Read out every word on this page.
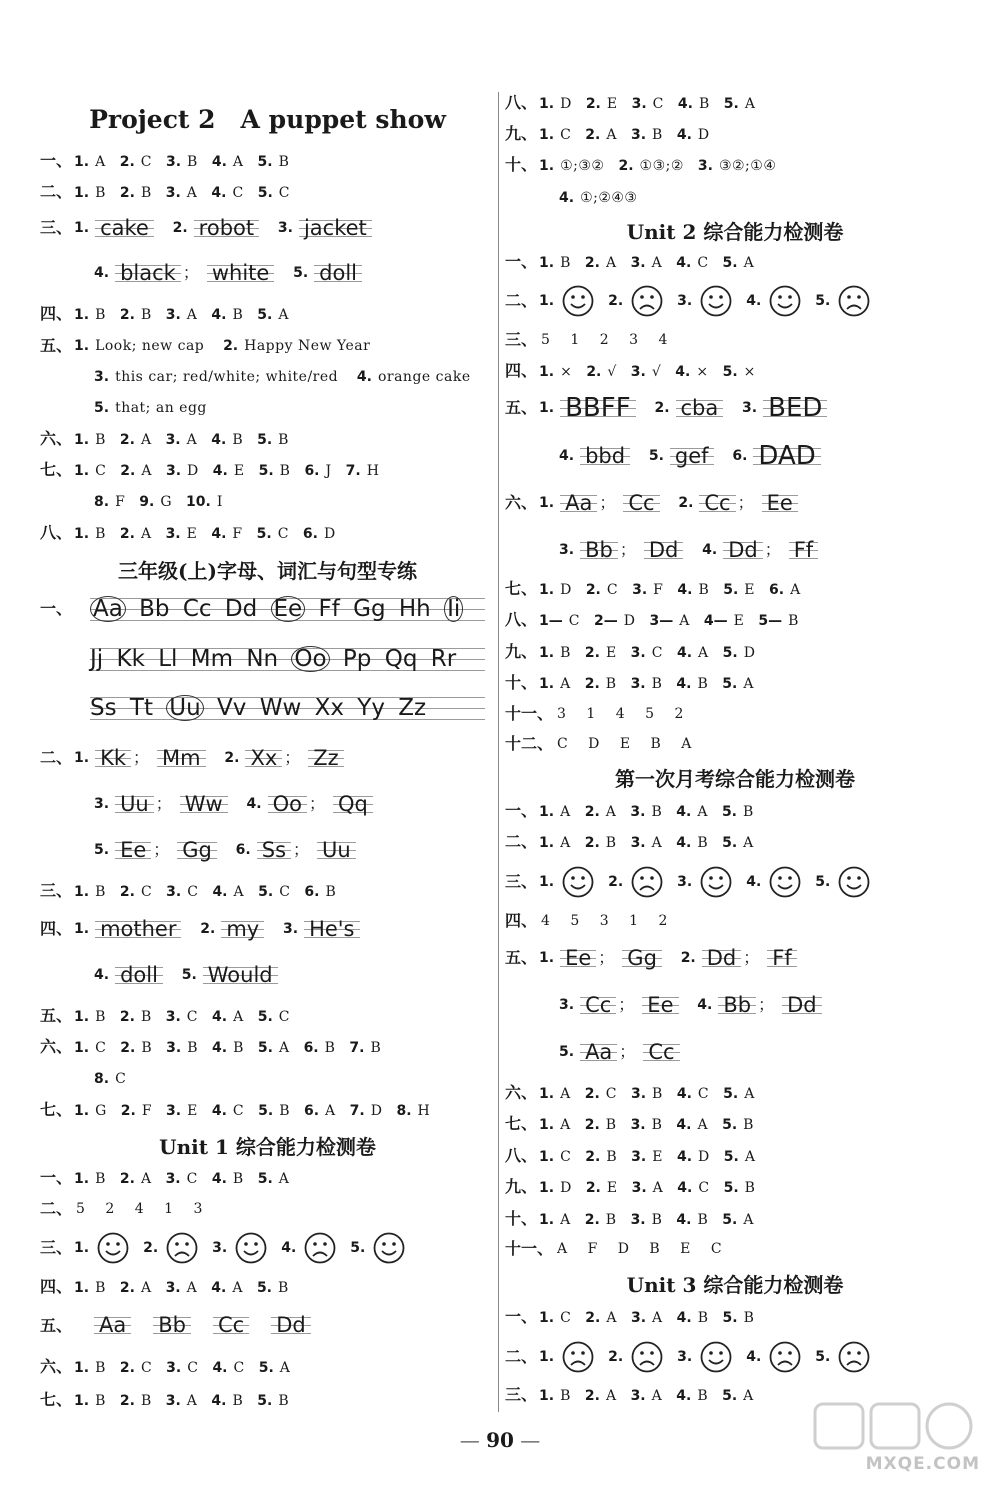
Project 2　A puppet show
一、 1. A 2. C 3. B 4. A 5. B
二、 1. B 2. B 3. A 4. C 5. C
三、 1. cake 2. robot 3. jacket
4. black ； white 5. doll
四、 1. B 2. B 3. A 4. B 5. A
五、 1. Look; new cap 2. Happy New Year
3. this car; red/white; white/red 4. orange cake
5. that; an egg
六、 1. B 2. A 3. A 4. B 5. B
七、 1. C 2. A 3. D 4. E 5. B 6. J 7. H
8. F 9. G 10. I
八、 1. B 2. A 3. E 4. F 5. C 6. D
三年级(上)字母、词汇与句型专练
一、 Aa Bb Cc Dd Ee Ff Gg Hh Ii
Jj Kk Ll Mm Nn Oo Pp Qq Rr
Ss Tt Uu Vv Ww Xx Yy Zz
二、 1. Kk ； Mm 2. Xx ； Zz
3. Uu ； Ww 4. Oo ； Qq
5. Ee ； Gg 6. Ss ； Uu
三、 1. B 2. C 3. C 4. A 5. C 6. B
四、 1. mother 2. my 3. He's
4. doll 5. Would
五、 1. B 2. B 3. C 4. A 5. C
六、 1. C 2. B 3. B 4. B 5. A 6. B 7. B
8. C
七、 1. G 2. F 3. E 4. C 5. B 6. A 7. D 8. H
Unit 1 综合能力检测卷
一、 1. B 2. A 3. C 4. B 5. A
二、 5 2 4 1 3
三、 1.	2.	3.	4.	5.
四、 1. B 2. A 3. A 4. A 5. B
五、 Aa Bb Cc Dd
六、 1. B 2. C 3. C 4. C 5. A
七、 1. B 2. B 3. A 4. B 5. B
八、 1. D 2. E 3. C 4. B 5. A
九、 1. C 2. A 3. B 4. D
十、 1. ①;③② 2. ①③;② 3. ③②;①④
4. ①;②④③
Unit 2 综合能力检测卷
一、 1. B 2. A 3. A 4. C 5. A
二、 1.	2.	3.	4.	5.
三、 5 1 2 3 4
四、 1. × 2. √ 3. √ 4. × 5. ×
五、 1. BBFF 2. cba 3. BED
4. bbd 5. gef 6. DAD
六、 1. Aa ； Cc 2. Cc ； Ee
3. Bb ； Dd 4. Dd ； Ff
七、 1. D 2. C 3. F 4. B 5. E 6. A
八、 1— C 2— D 3— A 4— E 5— B
九、 1. B 2. E 3. C 4. A 5. D
十、 1. A 2. B 3. B 4. B 5. A
十一、 3 1 4 5 2
十二、 C D E B A
第一次月考综合能力检测卷
一、 1. A 2. A 3. B 4. A 5. B
二、 1. A 2. B 3. A 4. B 5. A
三、 1.	2.	3.	4.	5.
四、 4 5 3 1 2
五、 1. Ee ； Gg 2. Dd ； Ff
3. Cc ； Ee 4. Bb ； Dd
5. Aa ； Cc
六、 1. A 2. C 3. B 4. C 5. A
七、 1. A 2. B 3. B 4. A 5. B
八、 1. C 2. B 3. E 4. D 5. A
九、 1. D 2. E 3. A 4. C 5. B
十、 1. A 2. B 3. B 4. B 5. A
十一、 A F D B E C
Unit 3 综合能力检测卷
一、 1. C 2. A 3. A 4. B 5. B
二、 1.	2.	3.	4.	5.
三、 1. B 2. A 3. A 4. B 5. A
— 90 —
MXQE.COM
